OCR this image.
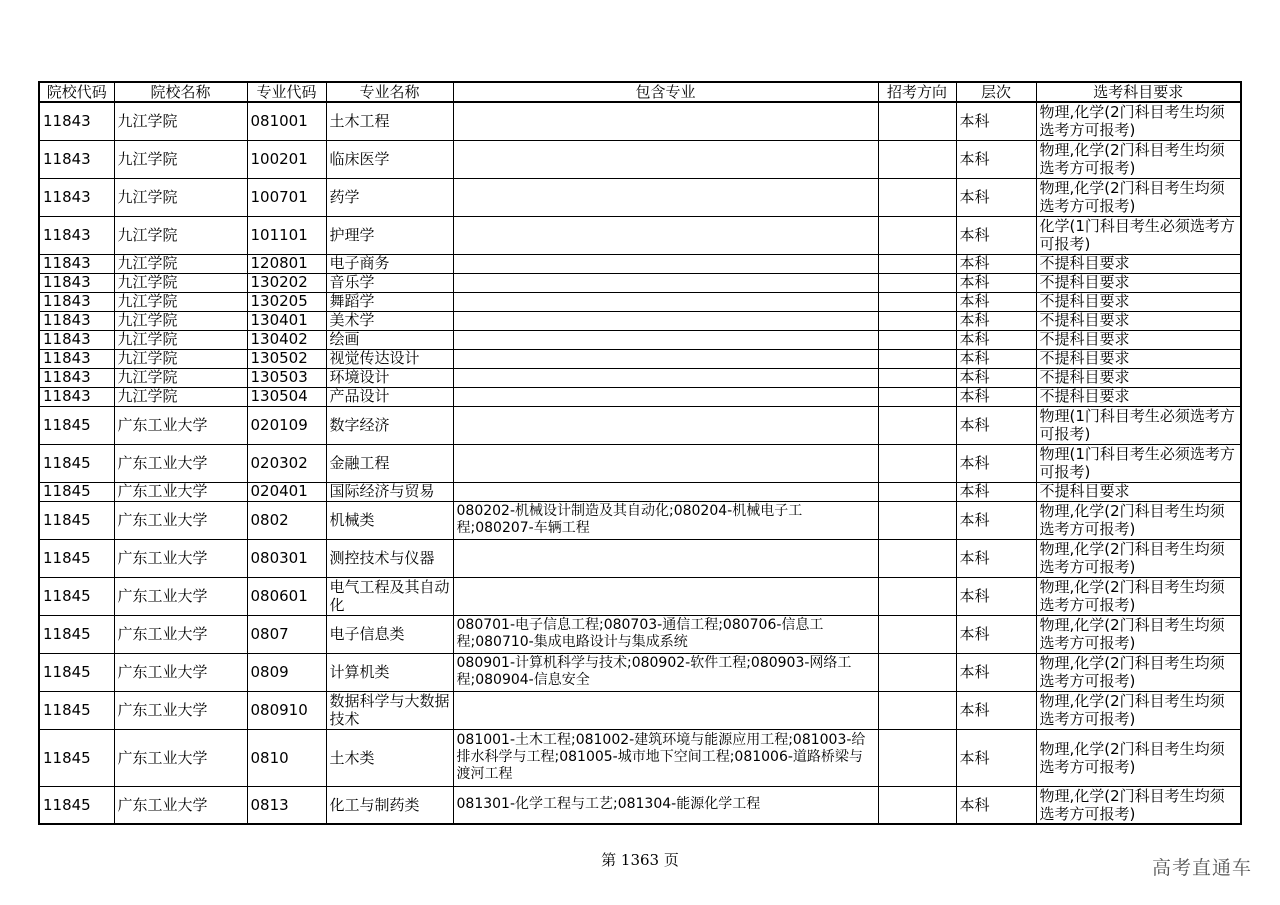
院校代码	院校名称	专业代码	专业名称	包含专业	招考方向	层次	选考科目要求
11843	九江学院	081001	土木工程			本科	物理,化学(2门科目考生均须选考方可报考)
11843	九江学院	100201	临床医学			本科	物理,化学(2门科目考生均须选考方可报考)
11843	九江学院	100701	药学			本科	物理,化学(2门科目考生均须选考方可报考)
11843	九江学院	101101	护理学			本科	化学(1门科目考生必须选考方可报考)
11843	九江学院	120801	电子商务			本科	不提科目要求
11843	九江学院	130202	音乐学			本科	不提科目要求
11843	九江学院	130205	舞蹈学			本科	不提科目要求
11843	九江学院	130401	美术学			本科	不提科目要求
11843	九江学院	130402	绘画			本科	不提科目要求
11843	九江学院	130502	视觉传达设计			本科	不提科目要求
11843	九江学院	130503	环境设计			本科	不提科目要求
11843	九江学院	130504	产品设计			本科	不提科目要求
11845	广东工业大学	020109	数字经济			本科	物理(1门科目考生必须选考方可报考)
11845	广东工业大学	020302	金融工程			本科	物理(1门科目考生必须选考方可报考)
11845	广东工业大学	020401	国际经济与贸易			本科	不提科目要求
11845	广东工业大学	0802	机械类	080202-机械设计制造及其自动化;080204-机械电子工程;080207-车辆工程		本科	物理,化学(2门科目考生均须选考方可报考)
11845	广东工业大学	080301	测控技术与仪器			本科	物理,化学(2门科目考生均须选考方可报考)
11845	广东工业大学	080601	电气工程及其自动化			本科	物理,化学(2门科目考生均须选考方可报考)
11845	广东工业大学	0807	电子信息类	080701-电子信息工程;080703-通信工程;080706-信息工程;080710-集成电路设计与集成系统		本科	物理,化学(2门科目考生均须选考方可报考)
11845	广东工业大学	0809	计算机类	080901-计算机科学与技术;080902-软件工程;080903-网络工程;080904-信息安全		本科	物理,化学(2门科目考生均须选考方可报考)
11845	广东工业大学	080910	数据科学与大数据技术			本科	物理,化学(2门科目考生均须选考方可报考)
11845	广东工业大学	0810	土木类	081001-土木工程;081002-建筑环境与能源应用工程;081003-给排水科学与工程;081005-城市地下空间工程;081006-道路桥梁与渡河工程		本科	物理,化学(2门科目考生均须选考方可报考)
11845	广东工业大学	0813	化工与制药类	081301-化学工程与工艺;081304-能源化学工程		本科	物理,化学(2门科目考生均须选考方可报考)
第 1363 页	高考直通车
